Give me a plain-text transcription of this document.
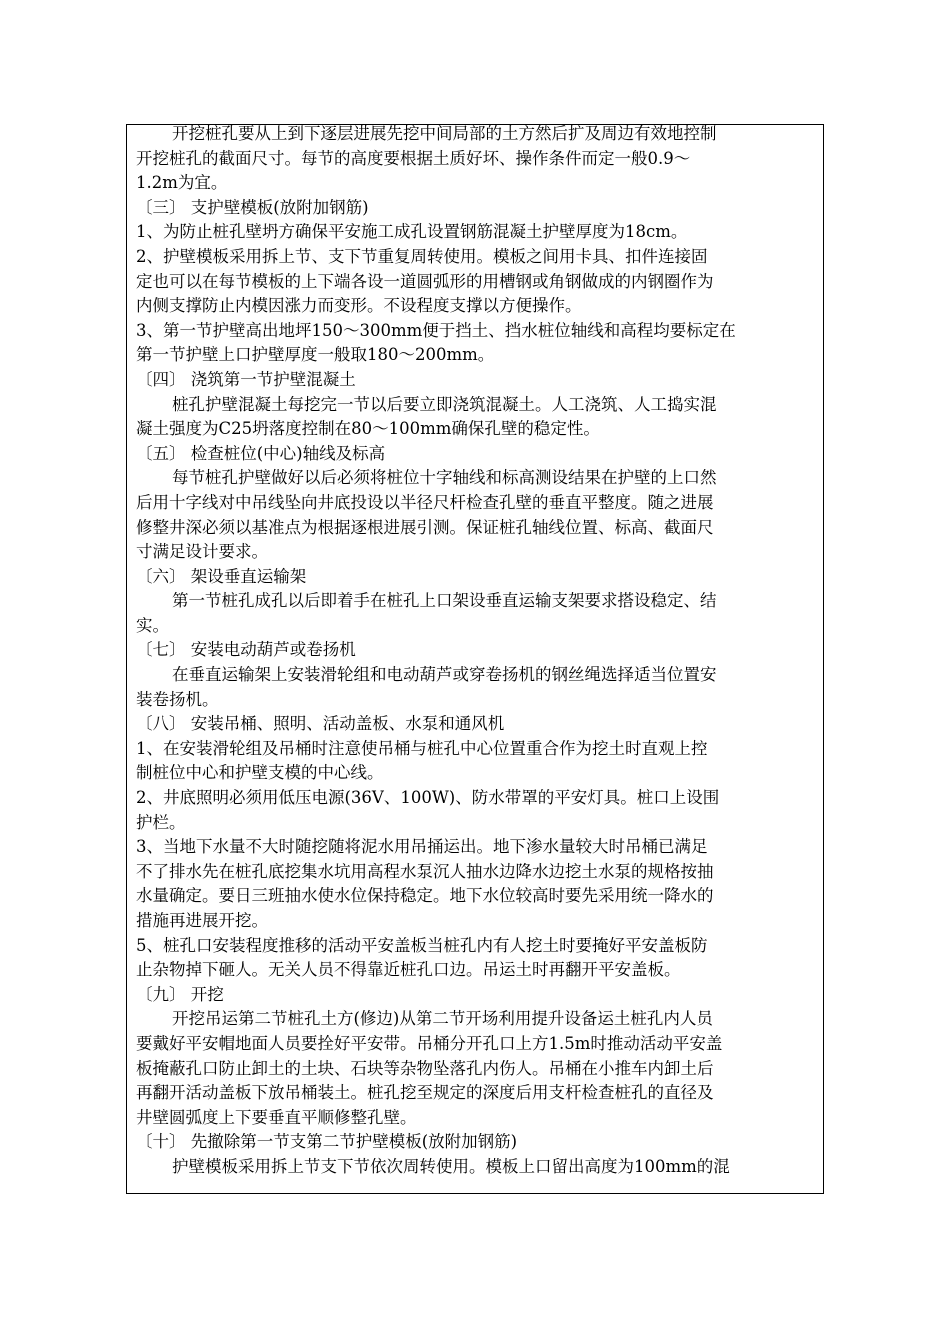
开挖桩孔要从上到下逐层进展先挖中间局部的土方然后扩及周边有效地控制
开挖桩孔的截面尺寸。每节的高度要根据土质好坏、操作条件而定一般0.9～
1.2m为宜。
〔三〕 支护壁模板(放附加钢筋)
1、为防止桩孔壁坍方确保平安施工成孔设置钢筋混凝土护壁厚度为18cm。
2、护壁模板采用拆上节、支下节重复周转使用。模板之间用卡具、扣件连接固
定也可以在每节模板的上下端各设一道圆弧形的用槽钢或角钢做成的内钢圈作为
内侧支撑防止内模因涨力而变形。不设程度支撑以方便操作。
3、第一节护壁高出地坪150～300mm便于挡土、挡水桩位轴线和高程均要标定在
第一节护壁上口护壁厚度一般取180～200mm。
〔四〕 浇筑第一节护壁混凝土
桩孔护壁混凝土每挖完一节以后要立即浇筑混凝土。人工浇筑、人工捣实混
凝土强度为C25坍落度控制在80～100mm确保孔壁的稳定性。
〔五〕 检查桩位(中心)轴线及标高
每节桩孔护壁做好以后必须将桩位十字轴线和标高测设结果在护壁的上口然
后用十字线对中吊线坠向井底投设以半径尺杆检查孔壁的垂直平整度。随之进展
修整井深必须以基准点为根据逐根进展引测。保证桩孔轴线位置、标高、截面尺
寸满足设计要求。
〔六〕 架设垂直运输架
第一节桩孔成孔以后即着手在桩孔上口架设垂直运输支架要求搭设稳定、结
实。
〔七〕 安装电动葫芦或卷扬机
在垂直运输架上安装滑轮组和电动葫芦或穿卷扬机的钢丝绳选择适当位置安
装卷扬机。
〔八〕 安装吊桶、照明、活动盖板、水泵和通风机
1、在安装滑轮组及吊桶时注意使吊桶与桩孔中心位置重合作为挖土时直观上控
制桩位中心和护壁支模的中心线。
2、井底照明必须用低压电源(36V、100W)、防水带罩的平安灯具。桩口上设围
护栏。
3、当地下水量不大时随挖随将泥水用吊捅运出。地下渗水量较大时吊桶已满足
不了排水先在桩孔底挖集水坑用高程水泵沉人抽水边降水边挖土水泵的规格按抽
水量确定。要日三班抽水使水位保持稳定。地下水位较高时要先采用统一降水的
措施再进展开挖。
5、桩孔口安装程度推移的活动平安盖板当桩孔内有人挖土时要掩好平安盖板防
止杂物掉下砸人。无关人员不得靠近桩孔口边。吊运土时再翻开平安盖板。
〔九〕 开挖
开挖吊运第二节桩孔土方(修边)从第二节开场利用提升设备运土桩孔内人员
要戴好平安帽地面人员要拴好平安带。吊桶分开孔口上方1.5m时推动活动平安盖
板掩蔽孔口防止卸土的土块、石块等杂物坠落孔内伤人。吊桶在小推车内卸土后
再翻开活动盖板下放吊桶装土。桩孔挖至规定的深度后用支杆检查桩孔的直径及
井壁圆弧度上下要垂直平顺修整孔壁。
〔十〕 先撤除第一节支第二节护壁模板(放附加钢筋)
护壁模板采用拆上节支下节依次周转使用。模板上口留出高度为100mm的混
